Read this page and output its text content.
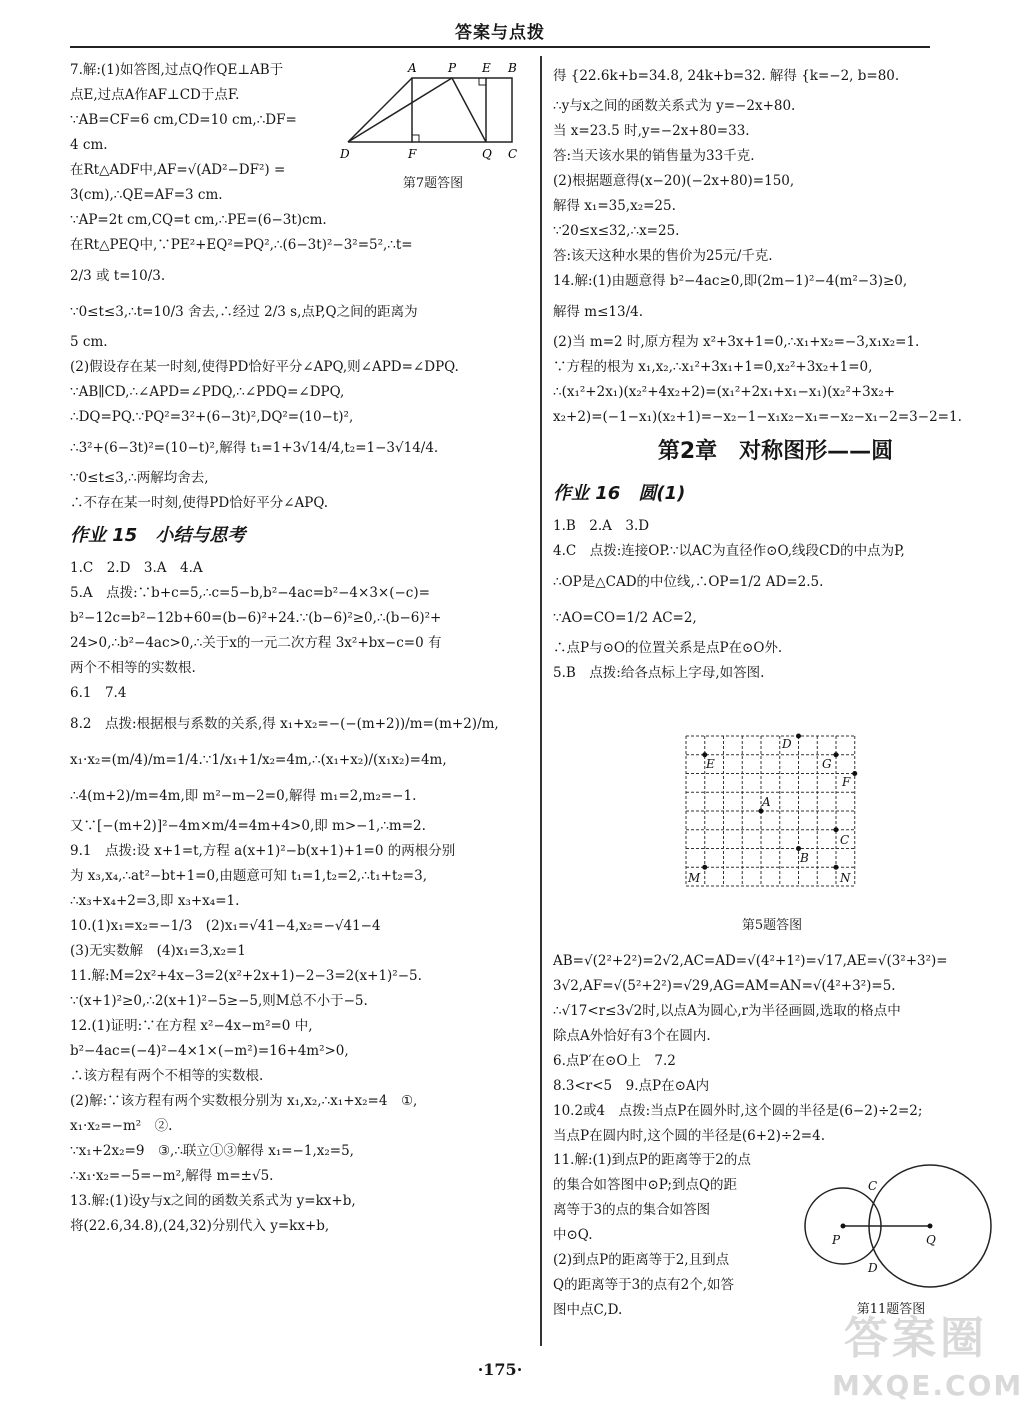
答案与点拨
7.解:(1)如答图,过点Q作QE⊥AB于
点E,过点A作AF⊥CD于点F.
∵AB=CF=6 cm,CD=10 cm,∴DF=
4 cm.
在Rt△ADF中,AF=√(AD²−DF²) =
3(cm),∴QE=AF=3 cm.
∵AP=2t cm,CQ=t cm,∴PE=(6−3t)cm.
在Rt△PEQ中,∵PE²+EQ²=PQ²,∴(6−3t)²−3²=5²,∴t=
2/3 或 t=10/3.
∵0≤t≤3,∴t=10/3 舍去,∴经过 2/3 s,点P,Q之间的距离为
5 cm.
(2)假设存在某一时刻,使得PD恰好平分∠APQ,则∠APD=∠DPQ.
∵AB∥CD,∴∠APD=∠PDQ,∴∠PDQ=∠DPQ,
∴DQ=PQ.∵PQ²=3²+(6−3t)²,DQ²=(10−t)²,
∴3²+(6−3t)²=(10−t)²,解得 t₁=1+3√14/4,t₂=1−3√14/4.
∵0≤t≤3,∴两解均舍去,
∴不存在某一时刻,使得PD恰好平分∠APQ.
作业 15　小结与思考
1.C　2.D　3.A　4.A
5.A　点拨:∵b+c=5,∴c=5−b,b²−4ac=b²−4×3×(−c)=
b²−12c=b²−12b+60=(b−6)²+24.∵(b−6)²≥0,∴(b−6)²+
24>0,∴b²−4ac>0,∴关于x的一元二次方程 3x²+bx−c=0 有
两个不相等的实数根.
6.1　7.4
8.2　点拨:根据根与系数的关系,得 x₁+x₂=−(−(m+2))/m=(m+2)/m,
x₁·x₂=(m/4)/m=1/4.∵1/x₁+1/x₂=4m,∴(x₁+x₂)/(x₁x₂)=4m,
∴4(m+2)/m=4m,即 m²−m−2=0,解得 m₁=2,m₂=−1.
又∵[−(m+2)]²−4m×m/4=4m+4>0,即 m>−1,∴m=2.
9.1　点拨:设 x+1=t,方程 a(x+1)²−b(x+1)+1=0 的两根分别
为 x₃,x₄,∴at²−bt+1=0,由题意可知 t₁=1,t₂=2,∴t₁+t₂=3,
∴x₃+x₄+2=3,即 x₃+x₄=1.
10.(1)x₁=x₂=−1/3　(2)x₁=√41−4,x₂=−√41−4
(3)无实数解　(4)x₁=3,x₂=1
11.解:M=2x²+4x−3=2(x²+2x+1)−2−3=2(x+1)²−5.
∵(x+1)²≥0,∴2(x+1)²−5≥−5,则M总不小于−5.
12.(1)证明:∵在方程 x²−4x−m²=0 中,
b²−4ac=(−4)²−4×1×(−m²)=16+4m²>0,
∴该方程有两个不相等的实数根.
(2)解:∵该方程有两个实数根分别为 x₁,x₂,∴x₁+x₂=4　①,
x₁·x₂=−m²　②.
∵x₁+2x₂=9　③,∴联立①③解得 x₁=−1,x₂=5,
∴x₁·x₂=−5=−m²,解得 m=±√5.
13.解:(1)设y与x之间的函数关系式为 y=kx+b,
将(22.6,34.8),(24,32)分别代入 y=kx+b,
得 {22.6k+b=34.8, 24k+b=32. 解得 {k=−2, b=80.
∴y与x之间的函数关系式为 y=−2x+80.
当 x=23.5 时,y=−2x+80=33.
答:当天该水果的销售量为33千克.
(2)根据题意得(x−20)(−2x+80)=150,
解得 x₁=35,x₂=25.
∵20≤x≤32,∴x=25.
答:该天这种水果的售价为25元/千克.
14.解:(1)由题意得 b²−4ac≥0,即(2m−1)²−4(m²−3)≥0,
解得 m≤13/4.
(2)当 m=2 时,原方程为 x²+3x+1=0,∴x₁+x₂=−3,x₁x₂=1.
∵方程的根为 x₁,x₂,∴x₁²+3x₁+1=0,x₂²+3x₂+1=0,
∴(x₁²+2x₁)(x₂²+4x₂+2)=(x₁²+2x₁+x₁−x₁)(x₂²+3x₂+
x₂+2)=(−1−x₁)(x₂+1)=−x₂−1−x₁x₂−x₁=−x₂−x₁−2=3−2=1.
第2章　对称图形——圆
作业 16　圆(1)
1.B　2.A　3.D
4.C　点拨:连接OP.∵以AC为直径作⊙O,线段CD的中点为P,
∴OP是△CAD的中位线,∴OP=1/2 AD=2.5.
∵AO=CO=1/2 AC=2,
∴点P与⊙O的位置关系是点P在⊙O外.
5.B　点拨:给各点标上字母,如答图.
AB=√(2²+2²)=2√2,AC=AD=√(4²+1²)=√17,AE=√(3²+3²)=
3√2,AF=√(5²+2²)=√29,AG=AM=AN=√(4²+3²)=5.
∴√17<r≤3√2时,以点A为圆心,r为半径画圆,选取的格点中
除点A外恰好有3个在圆内.
6.点P′在⊙O上　7.2
8.3<r<5　9.点P在⊙A内
10.2或4　点拨:当点P在圆外时,这个圆的半径是(6−2)÷2=2;
当点P在圆内时,这个圆的半径是(6+2)÷2=4.
11.解:(1)到点P的距离等于2的点
的集合如答图中⊙P;到点Q的距
离等于3的点的集合如答图
中⊙Q.
(2)到点P的距离等于2,且到点
Q的距离等于3的点有2个,如答
图中点C,D.
A	P E B
D	F	Q C
第7题答图
D
E	G
F
A
C
B
M	N
第5题答图
C
P	Q
D
第11题答图
·175·
答案圈
MXQE.COM
